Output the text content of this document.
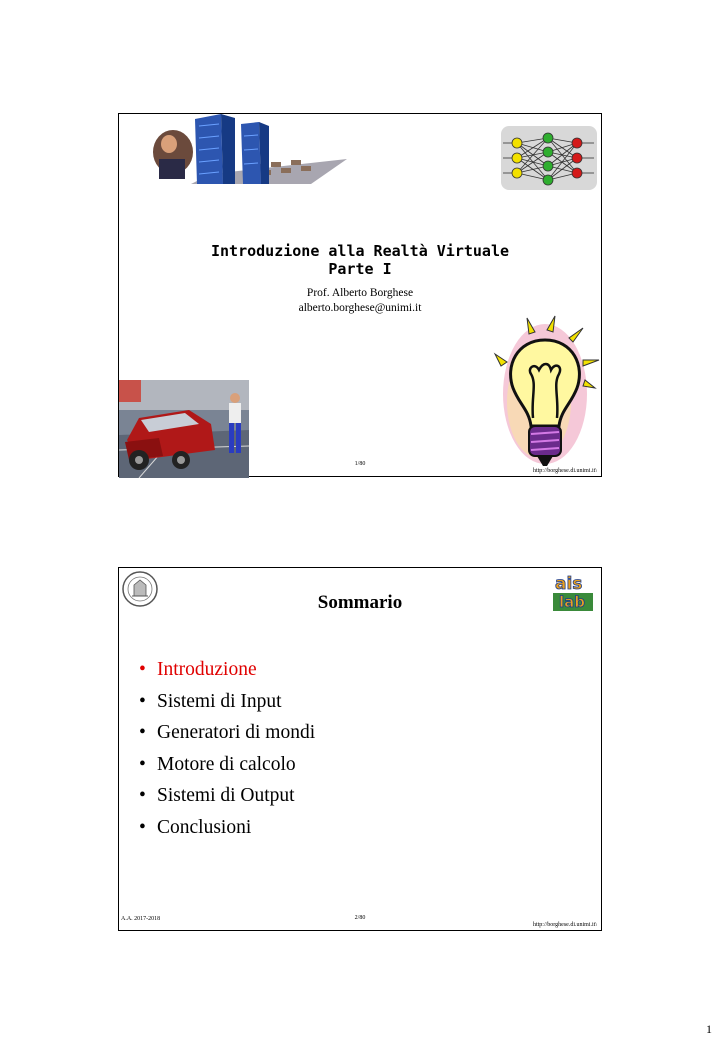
Introduzione alla Realtà Virtuale
Parte I
Prof. Alberto Borghese
alberto.borghese@unimi.it
1/80
http://borghese.di.unimi.it\
ais
lab
Sommario
• Introduzione
• Sistemi di Input
• Generatori di mondi
• Motore di calcolo
• Sistemi di Output
• Conclusioni
A.A. 2017-2018	2/80
http://borghese.di.unimi.it\
1
